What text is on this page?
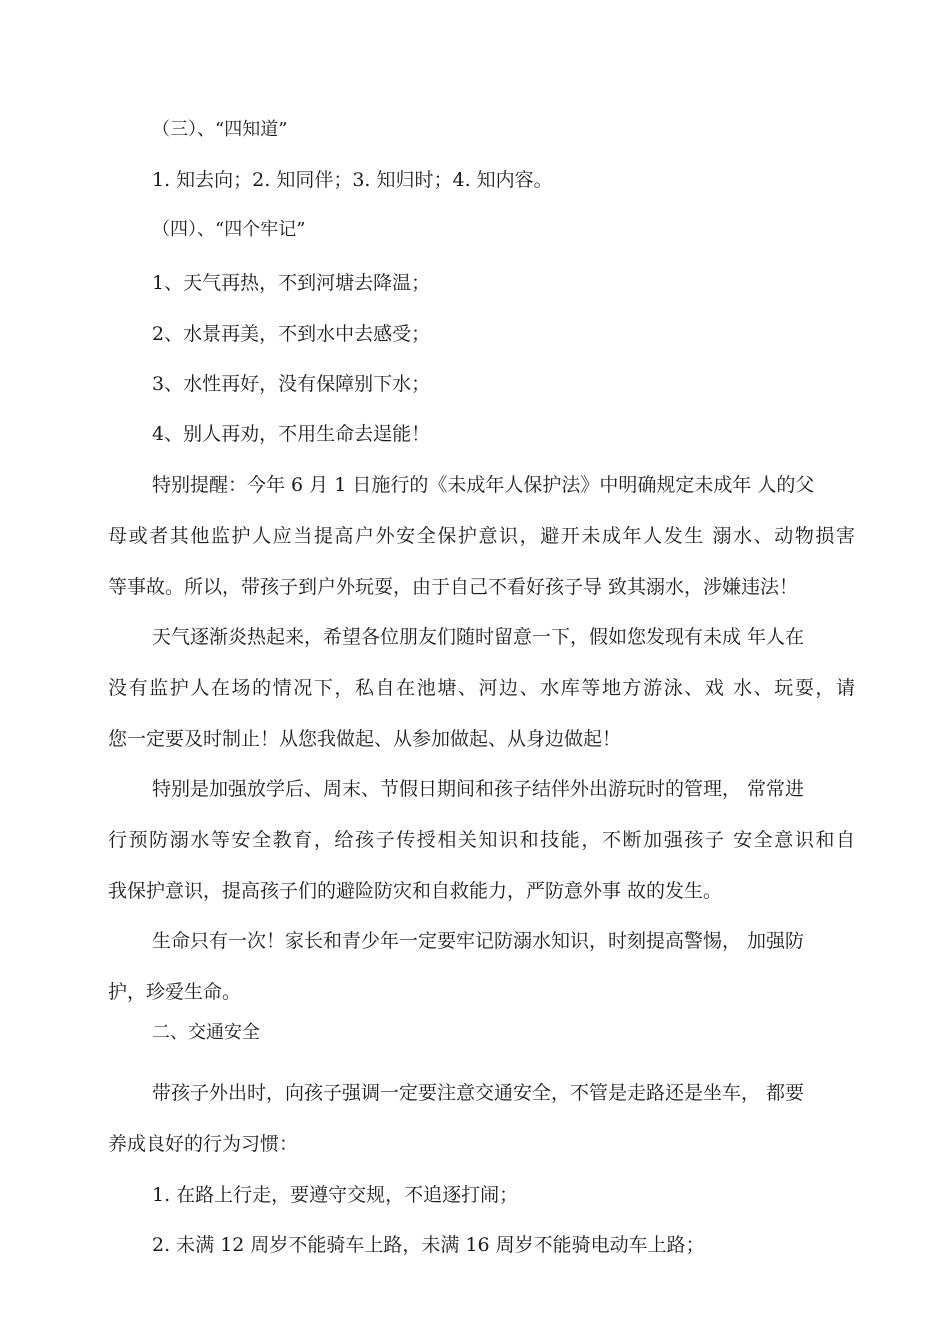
（三）、“四知道”
1. 知去向；2. 知同伴；3. 知归时；4. 知内容。
（四）、“四个牢记”
1、天气再热，不到河塘去降温；
2、水景再美，不到水中去感受；
3、水性再好，没有保障别下水；
4、别人再劝，不用生命去逞能！
特别提醒：今年 6 月 1 日施行的《未成年人保护法》中明确规定未成年 人的父
母或者其他监护人应当提高户外安全保护意识，避开未成年人发生 溺水、动物损害
等事故。所以，带孩子到户外玩耍，由于自己不看好孩子导 致其溺水，涉嫌违法！
天气逐渐炎热起来，希望各位朋友们随时留意一下，假如您发现有未成 年人在
没有监护人在场的情况下，私自在池塘、河边、水库等地方游泳、戏 水、玩耍，请
您一定要及时制止！从您我做起、从参加做起、从身边做起！
特别是加强放学后、周末、节假日期间和孩子结伴外出游玩时的管理， 常常进
行预防溺水等安全教育，给孩子传授相关知识和技能，不断加强孩子 安全意识和自
我保护意识，提高孩子们的避险防灾和自救能力，严防意外事 故的发生。
生命只有一次！家长和青少年一定要牢记防溺水知识，时刻提高警惕， 加强防
护，珍爱生命。
二、交通安全
带孩子外出时，向孩子强调一定要注意交通安全，不管是走路还是坐车， 都要
养成良好的行为习惯：
1. 在路上行走，要遵守交规，不追逐打闹；
2. 未满 12 周岁不能骑车上路，未满 16 周岁不能骑电动车上路；
